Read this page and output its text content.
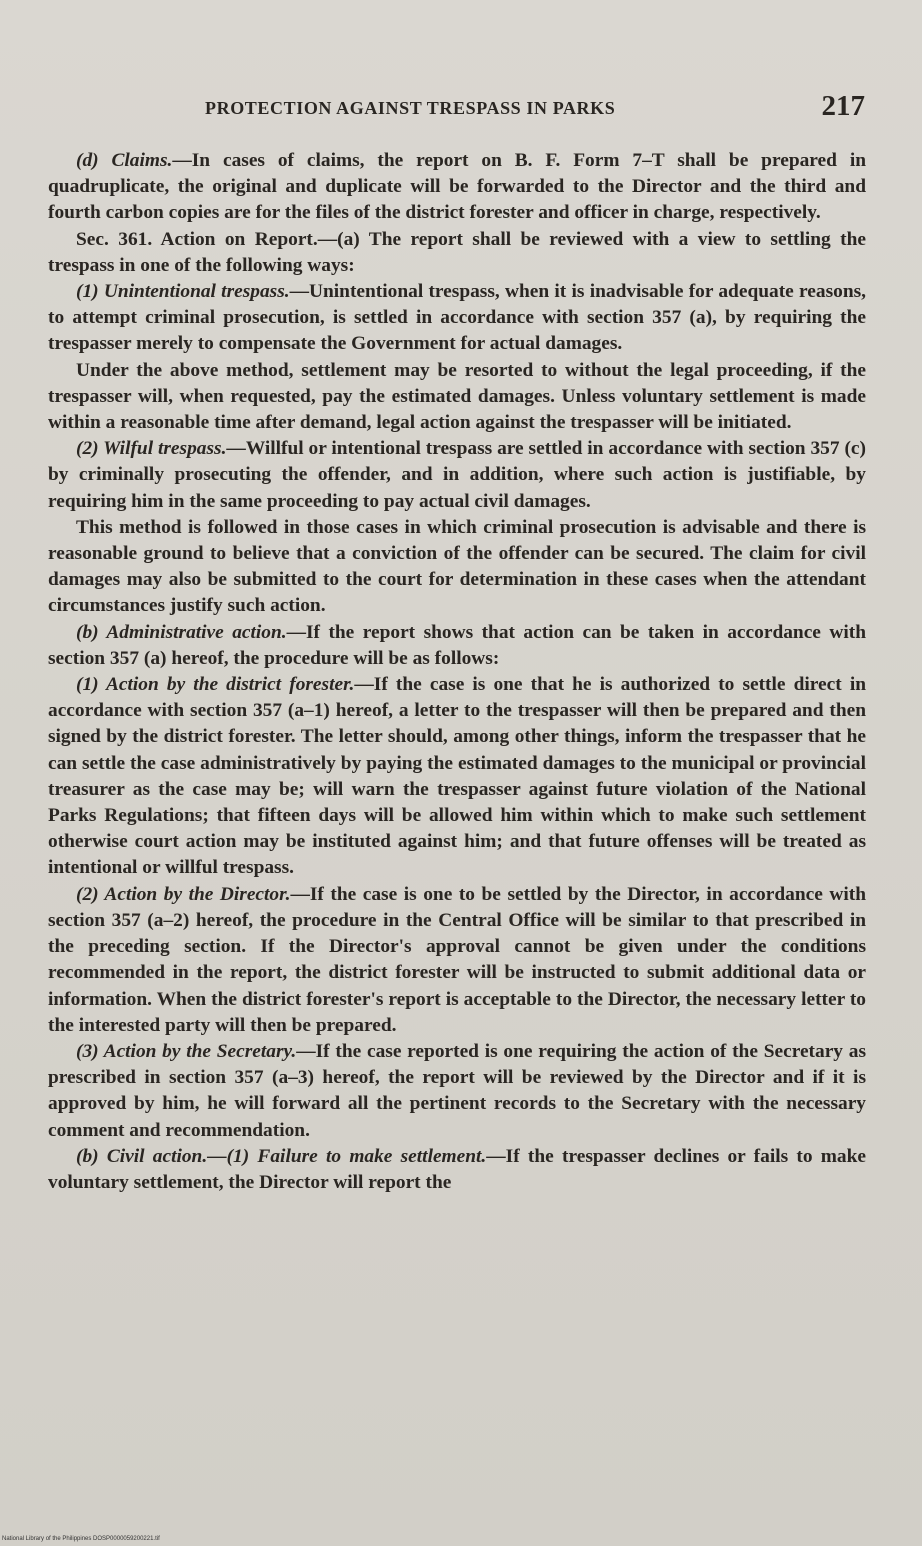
PROTECTION AGAINST TRESPASS IN PARKS	217

(d) Claims.—In cases of claims, the report on B. F. Form 7–T shall be prepared in quadruplicate, the original and duplicate will be forwarded to the Director and the third and fourth carbon copies are for the files of the district forester and officer in charge, respectively.

Sec. 361. Action on Report.—(a) The report shall be reviewed with a view to settling the trespass in one of the following ways:

(1) Unintentional trespass.—Unintentional trespass, when it is inadvisable for adequate reasons, to attempt criminal prosecution, is settled in accordance with section 357 (a), by requiring the trespasser merely to compensate the Government for actual damages.

Under the above method, settlement may be resorted to without the legal proceeding, if the trespasser will, when requested, pay the estimated damages. Unless voluntary settlement is made within a reasonable time after demand, legal action against the trespasser will be initiated.

(2) Wilful trespass.—Willful or intentional trespass are settled in accordance with section 357 (c) by criminally prosecuting the offender, and in addition, where such action is justifiable, by requiring him in the same proceeding to pay actual civil damages.

This method is followed in those cases in which criminal prosecution is advisable and there is reasonable ground to believe that a conviction of the offender can be secured. The claim for civil damages may also be submitted to the court for determination in these cases when the attendant circumstances justify such action.

(b) Administrative action.—If the report shows that action can be taken in accordance with section 357 (a) hereof, the procedure will be as follows:

(1) Action by the district forester.—If the case is one that he is authorized to settle direct in accordance with section 357 (a–1) hereof, a letter to the trespasser will then be prepared and then signed by the district forester. The letter should, among other things, inform the trespasser that he can settle the case administratively by paying the estimated damages to the municipal or provincial treasurer as the case may be; will warn the trespasser against future violation of the National Parks Regulations; that fifteen days will be allowed him within which to make such settlement otherwise court action may be instituted against him; and that future offenses will be treated as intentional or willful trespass.

(2) Action by the Director.—If the case is one to be settled by the Director, in accordance with section 357 (a–2) hereof, the procedure in the Central Office will be similar to that prescribed in the preceding section. If the Director's approval cannot be given under the conditions recommended in the report, the district forester will be instructed to submit additional data or information. When the district forester's report is acceptable to the Director, the necessary letter to the interested party will then be prepared.

(3) Action by the Secretary.—If the case reported is one requiring the action of the Secretary as prescribed in section 357 (a–3) hereof, the report will be reviewed by the Director and if it is approved by him, he will forward all the pertinent records to the Secretary with the necessary comment and recommendation.

(b) Civil action.—(1) Failure to make settlement.—If the trespasser declines or fails to make voluntary settlement, the Director will report the

National Library of the Philippines DOSP0000059200221.tif
